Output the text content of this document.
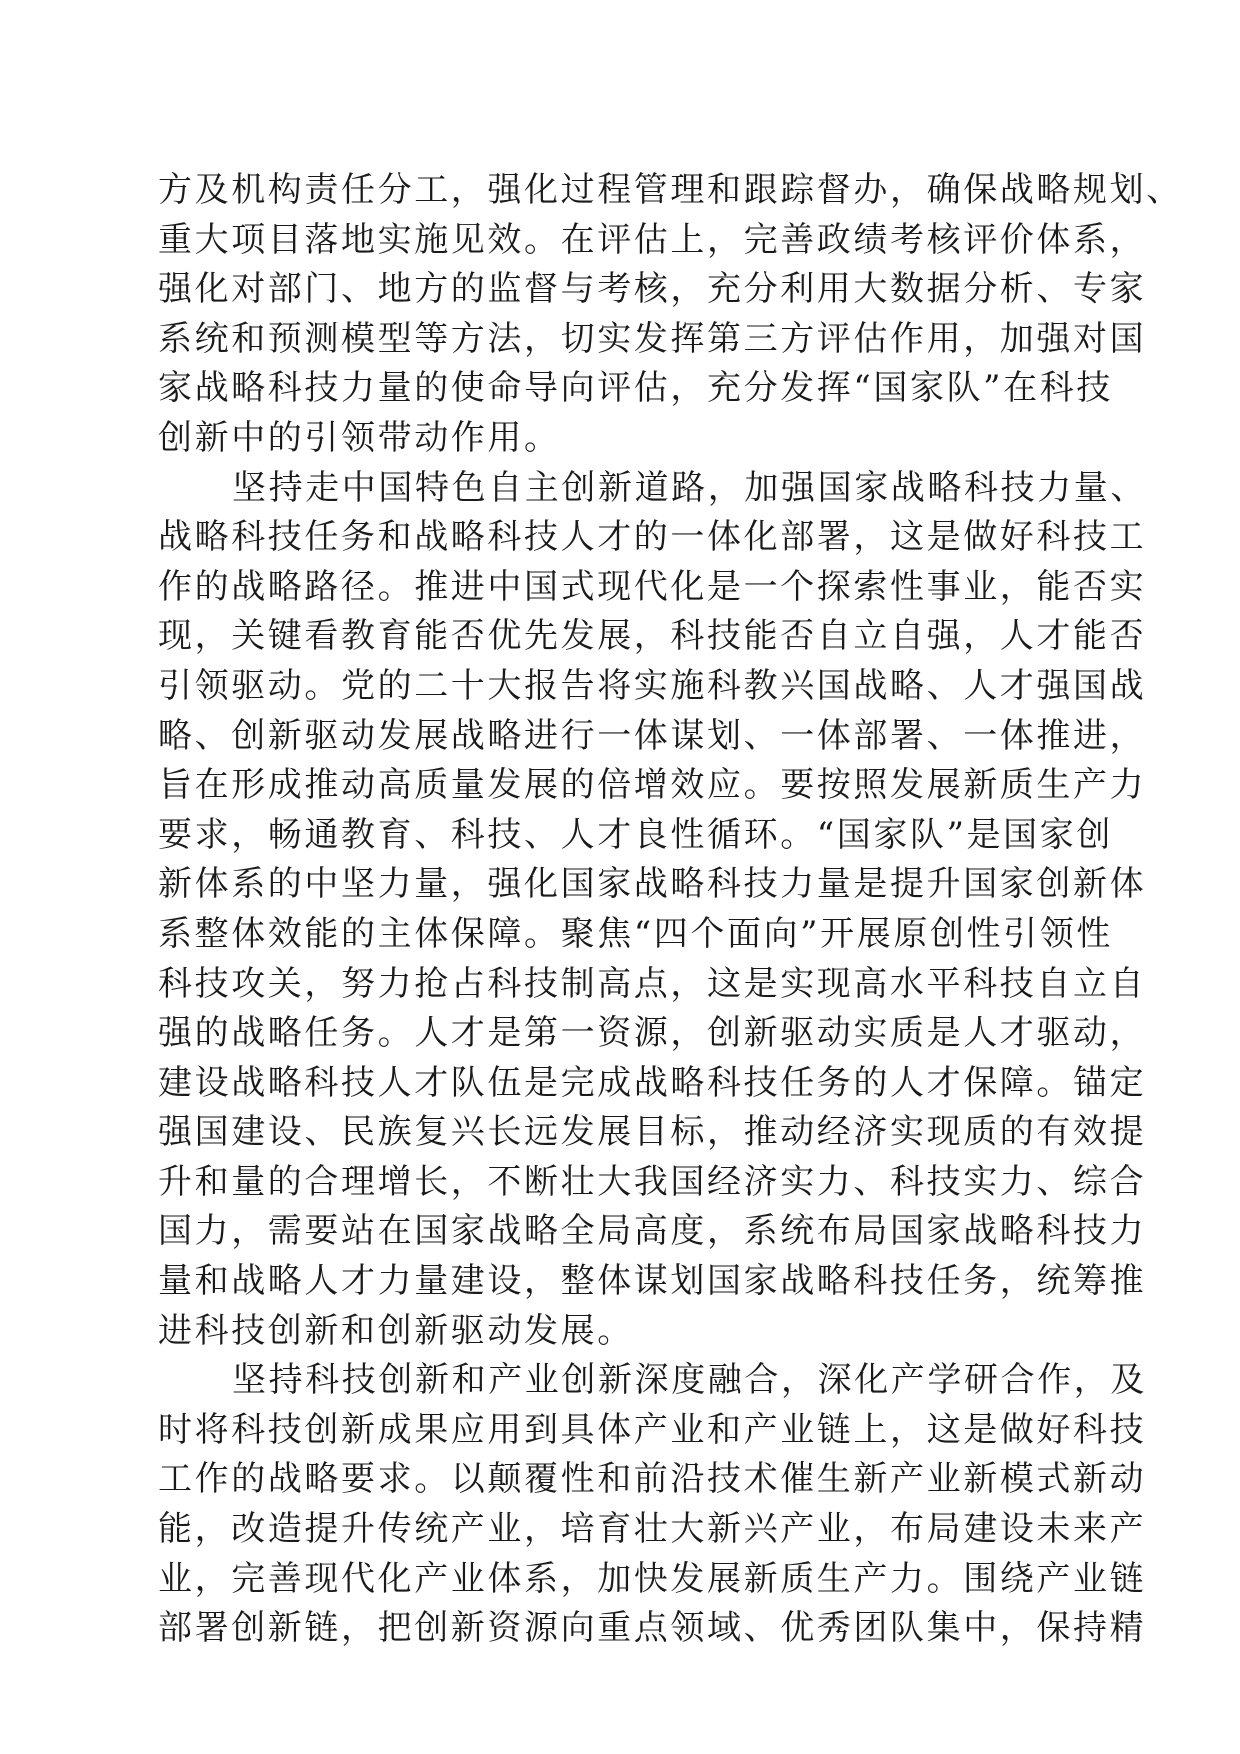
方及机构责任分工，强化过程管理和跟踪督办，确保战略规划、
重大项目落地实施见效。在评估上，完善政绩考核评价体系，
强化对部门、地方的监督与考核，充分利用大数据分析、专家
系统和预测模型等方法，切实发挥第三方评估作用，加强对国
家战略科技力量的使命导向评估，充分发挥“国家队”在科技
创新中的引领带动作用。
坚持走中国特色自主创新道路，加强国家战略科技力量、
战略科技任务和战略科技人才的一体化部署，这是做好科技工
作的战略路径。推进中国式现代化是一个探索性事业，能否实
现，关键看教育能否优先发展，科技能否自立自强，人才能否
引领驱动。党的二十大报告将实施科教兴国战略、人才强国战
略、创新驱动发展战略进行一体谋划、一体部署、一体推进，
旨在形成推动高质量发展的倍增效应。要按照发展新质生产力
要求，畅通教育、科技、人才良性循环。“国家队”是国家创
新体系的中坚力量，强化国家战略科技力量是提升国家创新体
系整体效能的主体保障。聚焦“四个面向”开展原创性引领性
科技攻关，努力抢占科技制高点，这是实现高水平科技自立自
强的战略任务。人才是第一资源，创新驱动实质是人才驱动，
建设战略科技人才队伍是完成战略科技任务的人才保障。锚定
强国建设、民族复兴长远发展目标，推动经济实现质的有效提
升和量的合理增长，不断壮大我国经济实力、科技实力、综合
国力，需要站在国家战略全局高度，系统布局国家战略科技力
量和战略人才力量建设，整体谋划国家战略科技任务，统筹推
进科技创新和创新驱动发展。
坚持科技创新和产业创新深度融合，深化产学研合作，及
时将科技创新成果应用到具体产业和产业链上，这是做好科技
工作的战略要求。以颠覆性和前沿技术催生新产业新模式新动
能，改造提升传统产业，培育壮大新兴产业，布局建设未来产
业，完善现代化产业体系，加快发展新质生产力。围绕产业链
部署创新链，把创新资源向重点领域、优秀团队集中，保持精
